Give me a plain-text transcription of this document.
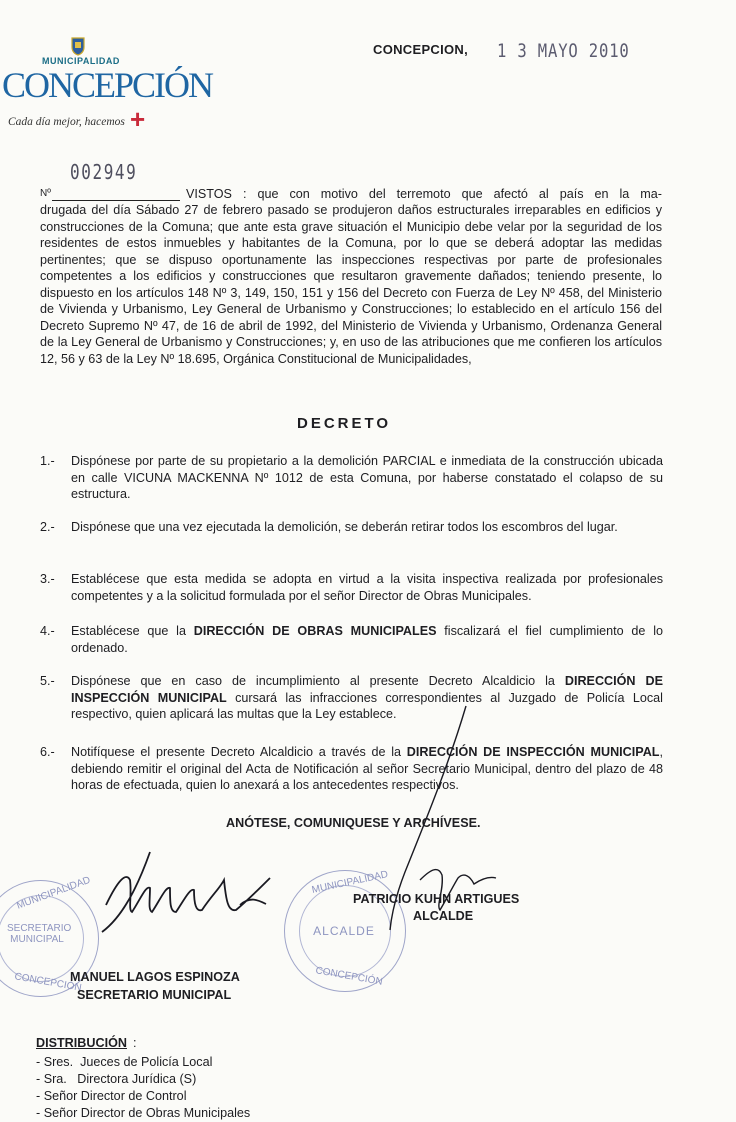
MUNICIPALIDAD
CONCEPCIÓN
Cada día mejor, hacemos +
CONCEPCION, 1 3 MAYO 2010
Nº
002949
VISTOS : que con motivo del terremoto que afectó al país en la ma-
drugada del día Sábado 27 de febrero pasado se produjeron daños estructurales irreparables en edificios y construcciones de la Comuna; que ante esta grave situación el Municipio debe velar por la seguridad de los residentes de estos inmuebles y habitantes de la Comuna, por lo que se deberá adoptar las medidas pertinentes; que se dispuso oportunamente las inspecciones respectivas por parte de profesionales competentes a los edificios y construcciones que resultaron gravemente dañados; teniendo presente, lo dispuesto en los artículos 148 Nº 3, 149, 150, 151 y 156 del Decreto con Fuerza de Ley Nº 458, del Ministerio de Vivienda y Urbanismo, Ley General de Urbanismo y Construcciones; lo establecido en el artículo 156 del Decreto Supremo Nº 47, de 16 de abril de 1992, del Ministerio de Vivienda y Urbanismo, Ordenanza General de la Ley General de Urbanismo y Construcciones; y, en uso de las atribuciones que me confieren los artículos 12, 56 y 63 de la Ley Nº 18.695, Orgánica Constitucional de Municipalidades,
DECRETO
1.-	Dispónese por parte de su propietario a la demolición PARCIAL e inmediata de la construcción ubicada en calle VICUNA MACKENNA Nº 1012 de esta Comuna, por haberse constatado el colapso de su estructura.
2.-	Dispónese que una vez ejecutada la demolición, se deberán retirar todos los escombros del lugar.
3.-	Establécese que esta medida se adopta en virtud a la visita inspectiva realizada por profesionales competentes y a la solicitud formulada por el señor Director de Obras Municipales.
4.-	Establécese que la DIRECCIÓN DE OBRAS MUNICIPALES fiscalizará el fiel cumplimiento de lo ordenado.
5.-	Dispónese que en caso de incumplimiento al presente Decreto Alcaldicio la DIRECCIÓN DE INSPECCIÓN MUNICIPAL cursará las infracciones correspondientes al Juzgado de Policía Local respectivo, quien aplicará las multas que la Ley establece.
6.-	Notifíquese el presente Decreto Alcaldicio a través de la DIRECCIÓN DE INSPECCIÓN MUNICIPAL, debiendo remitir el original del Acta de Notificación al señor Secretario Municipal, dentro del plazo de 48 horas de efectuada, quien lo anexará a los antecedentes respectivos.
ANÓTESE, COMUNIQUESE Y ARCHÍVESE.
MUNICIPALIDAD
SECRETARIO MUNICIPAL
CONCEPCIÓN
MUNICIPALIDAD
ALCALDE
CONCEPCIÓN
PATRICIO KUHN ARTIGUES
ALCALDE
MANUEL LAGOS ESPINOZA
SECRETARIO MUNICIPAL
DISTRIBUCIÓN :
- Sres.  Jueces de Policía Local
- Sra.   Directora Jurídica (S)
- Señor Director de Control
- Señor Director de Obras Municipales
